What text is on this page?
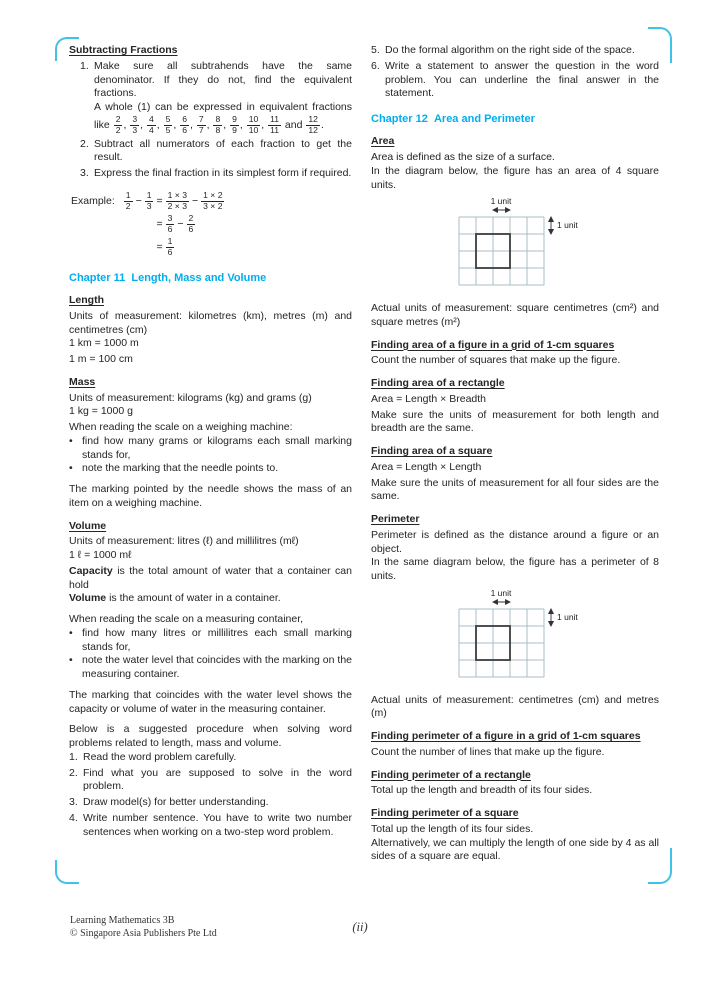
Subtracting Fractions
1. Make sure all subtrahends have the same denominator. If they do not, find the equivalent fractions.
A whole (1) can be expressed in equivalent fractions like $\frac{2}{2}$ , $\frac{3}{3}$ , $\frac{4}{4}$ , $\frac{5}{5}$ , $\frac{6}{6}$ , $\frac{7}{7}$ , $\frac{8}{8}$ , $\frac{9}{9}$ , $\frac{10}{10}$ , $\frac{11}{11}$ and $\frac{12}{12}$ .
2. Subtract all numerators of each fraction to get the result.
3. Express the final fraction in its simplest form if required.
Example: $\frac{1}{2} - \frac{1}{3} = \frac{1 \times 3}{2 \times 3} - \frac{1 \times 2}{3 \times 2}$
= $\frac{3}{6} - \frac{2}{6}$
= $\frac{1}{6}$
Chapter 11  Length, Mass and Volume
Length
Units of measurement: kilometres (km), metres (m) and centimetres (cm)
1 km = 1000 m
1 m = 100 cm
Mass
Units of measurement: kilograms (kg) and grams (g)
1 kg = 1000 g
When reading the scale on a weighing machine:
• find how many grams or kilograms each small marking stands for,
• note the marking that the needle points to.
The marking pointed by the needle shows the mass of an item on a weighing machine.
Volume
Units of measurement: litres (ℓ) and millilitres (mℓ)
1 ℓ = 1000 mℓ
Capacity is the total amount of water that a container can hold
Volume is the amount of water in a container.
When reading the scale on a measuring container,
• find how many litres or millilitres each small marking stands for,
• note the water level that coincides with the marking on the measuring container.
The marking that coincides with the water level shows the capacity or volume of water in the measuring container.
Below is a suggested procedure when solving word problems related to length, mass and volume.
1. Read the word problem carefully.
2. Find what you are supposed to solve in the word problem.
3. Draw model(s) for better understanding.
4. Write number sentence. You have to write two number sentences when working on a two-step word problem.
5. Do the formal algorithm on the right side of the space.
6. Write a statement to answer the question in the word problem. You can underline the final answer in the statement.
Chapter 12  Area and Perimeter
Area
Area is defined as the size of a surface.
In the diagram below, the figure has an area of 4 square units.
1 unit
1 unit
Actual units of measurement: square centimetres (cm²) and square metres (m²)
Finding area of a figure in a grid of 1-cm squares
Count the number of squares that make up the figure.
Finding area of a rectangle
Area = Length × Breadth
Make sure the units of measurement for both length and breadth are the same.
Finding area of a square
Area = Length × Length
Make sure the units of measurement for all four sides are the same.
Perimeter
Perimeter is defined as the distance around a figure or an object.
In the same diagram below, the figure has a perimeter of 8 units.
1 unit
1 unit
Actual units of measurement: centimetres (cm) and metres (m)
Finding perimeter of a figure in a grid of 1-cm squares
Count the number of lines that make up the figure.
Finding perimeter of a rectangle
Total up the length and breadth of its four sides.
Finding perimeter of a square
Total up the length of its four sides.
Alternatively, we can multiply the length of one side by 4 as all sides of a square are equal.
Learning Mathematics 3B
© Singapore Asia Publishers Pte Ltd	(ii)
